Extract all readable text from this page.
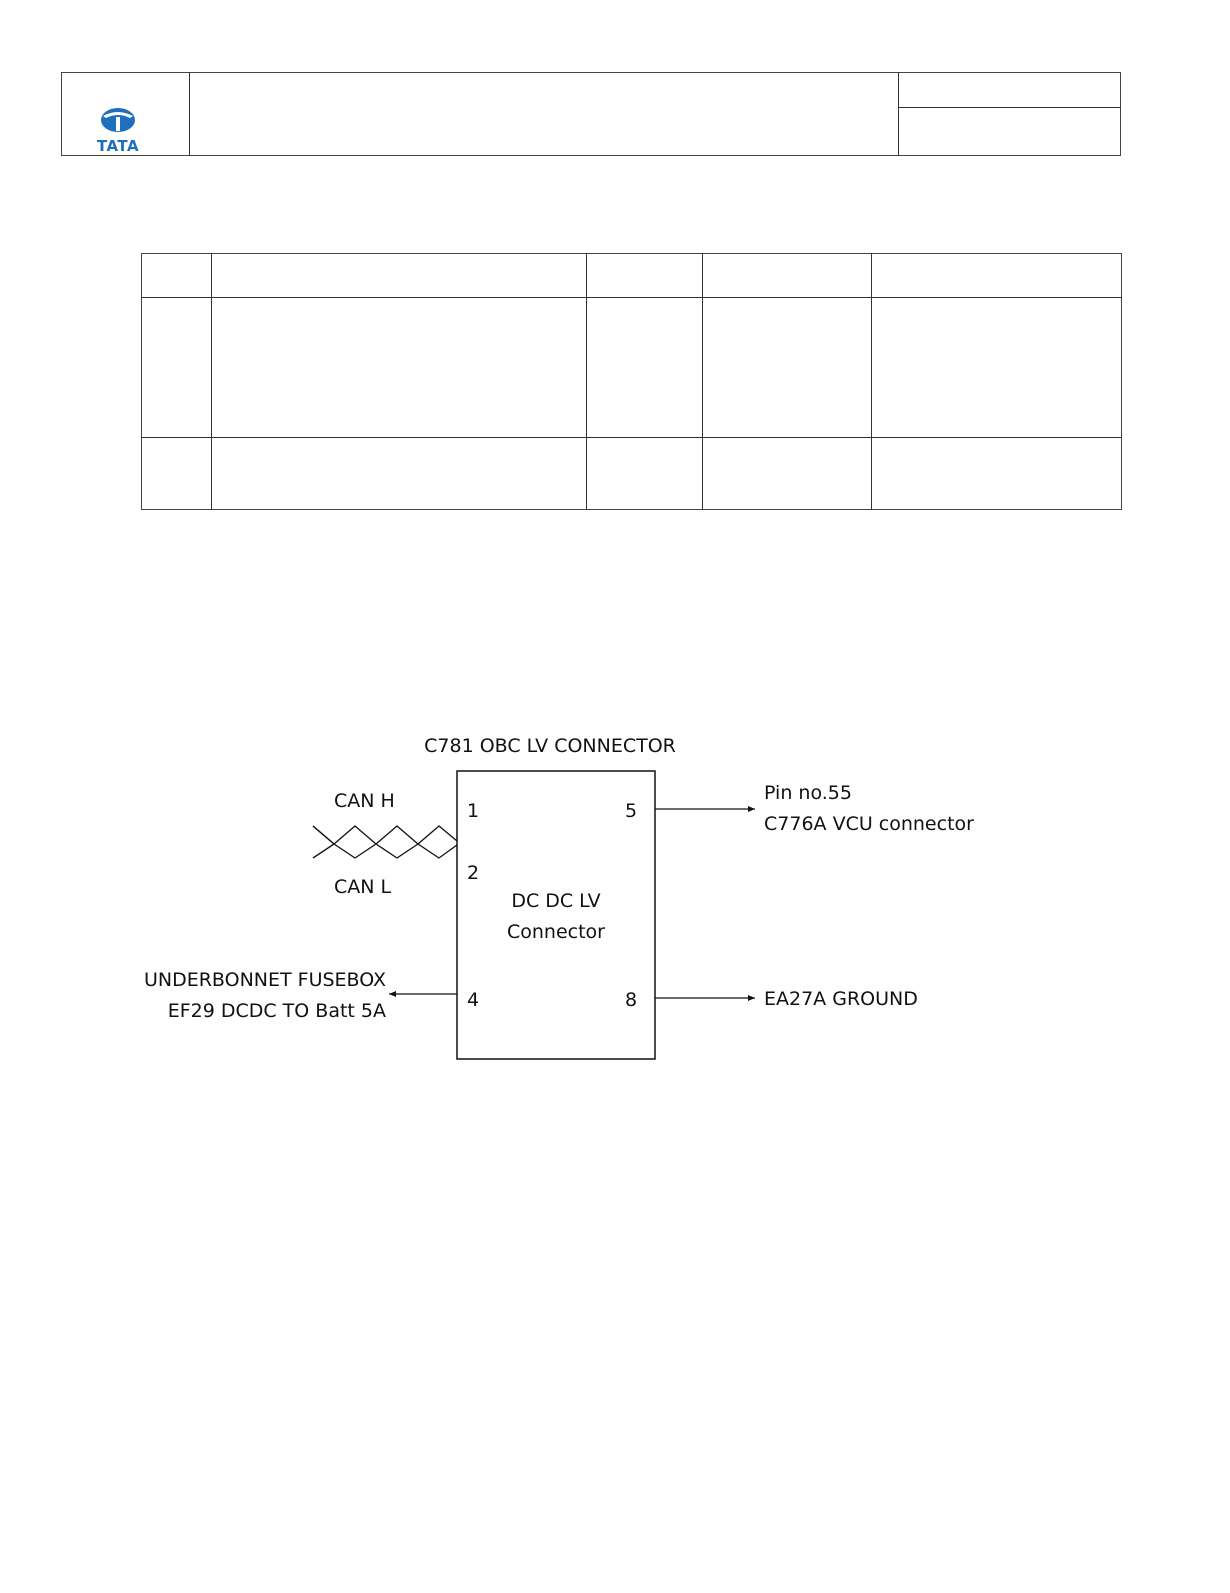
TATA
C781 OBC LV CONNECTOR
DC DC LV
Connector
1
2
4
5
8
CAN H
CAN L
Pin no.55
C776A VCU connector
UNDERBONNET FUSEBOX
EF29 DCDC TO Batt 5A
EA27A GROUND
